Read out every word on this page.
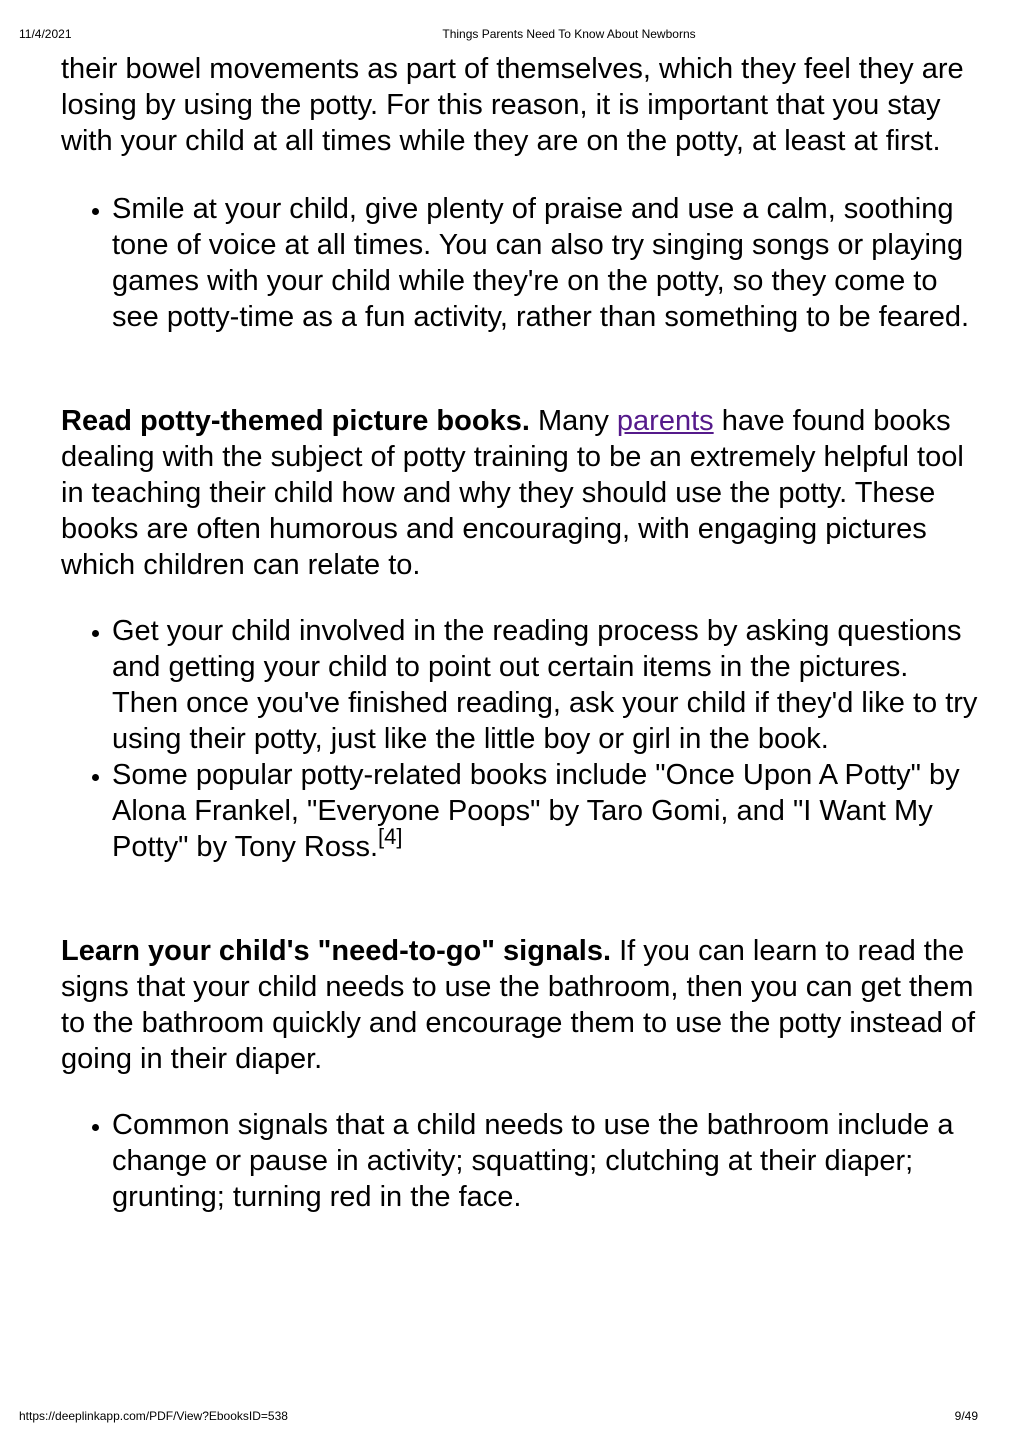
11/4/2021	Things Parents Need To Know About Newborns

their bowel movements as part of themselves, which they feel they are losing by using the potty. For this reason, it is important that you stay with your child at all times while they are on the potty, at least at first.

• Smile at your child, give plenty of praise and use a calm, soothing tone of voice at all times. You can also try singing songs or playing games with your child while they're on the potty, so they come to see potty-time as a fun activity, rather than something to be feared.

Read potty-themed picture books. Many parents have found books dealing with the subject of potty training to be an extremely helpful tool in teaching their child how and why they should use the potty. These books are often humorous and encouraging, with engaging pictures which children can relate to.

• Get your child involved in the reading process by asking questions and getting your child to point out certain items in the pictures. Then once you've finished reading, ask your child if they'd like to try using their potty, just like the little boy or girl in the book.
• Some popular potty-related books include "Once Upon A Potty" by Alona Frankel, "Everyone Poops" by Taro Gomi, and "I Want My Potty" by Tony Ross.[4]

Learn your child's "need-to-go" signals. If you can learn to read the signs that your child needs to use the bathroom, then you can get them to the bathroom quickly and encourage them to use the potty instead of going in their diaper.

• Common signals that a child needs to use the bathroom include a change or pause in activity; squatting; clutching at their diaper; grunting; turning red in the face.
https://deeplinkapp.com/PDF/View?EbooksID=538	9/49
